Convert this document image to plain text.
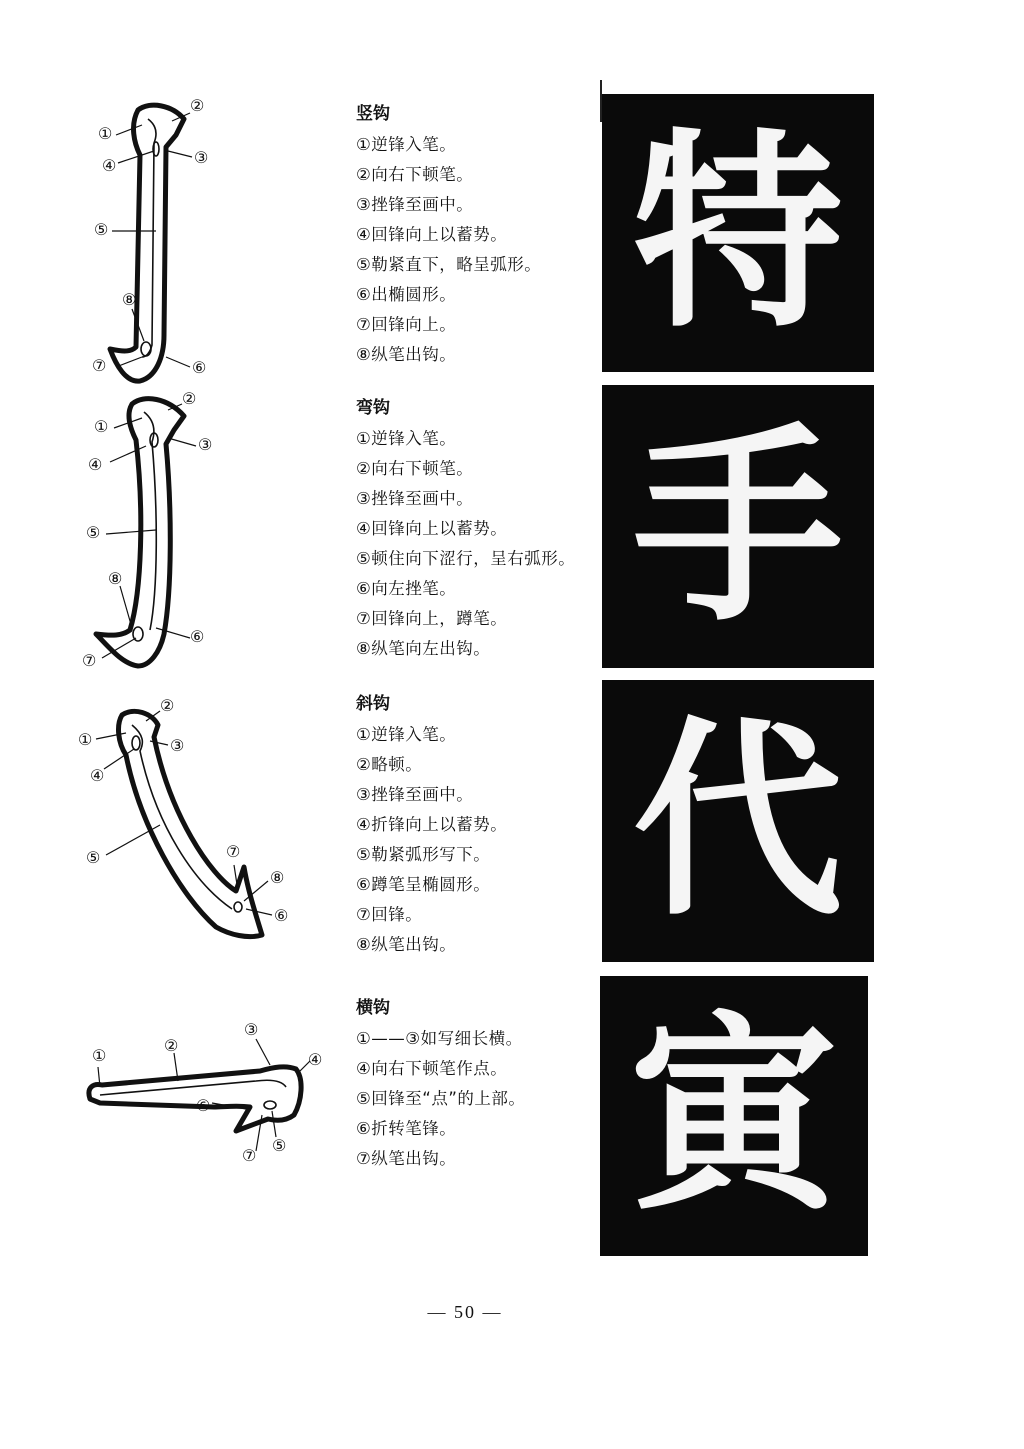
①
②
③
④
⑤
⑥
⑦
⑧
竖钩
①逆锋入笔。
②向右下顿笔。
③挫锋至画中。
④回锋向上以蓄势。
⑤勒紧直下，略呈弧形。
⑥出椭圆形。
⑦回锋向上。
⑧纵笔出钩。 特
①
②
③
④
⑤
⑥
⑦
⑧
弯钩
①逆锋入笔。
②向右下顿笔。
③挫锋至画中。
④回锋向上以蓄势。
⑤顿住向下涩行，呈右弧形。
⑥向左挫笔。
⑦回锋向上，蹲笔。
⑧纵笔向左出钩。 手
①
②
③
④
⑤
⑥
⑦
⑧
斜钩
①逆锋入笔。
②略顿。
③挫锋至画中。
④折锋向上以蓄势。
⑤勒紧弧形写下。
⑥蹲笔呈椭圆形。
⑦回锋。
⑧纵笔出钩。
代
①
②
③
④
⑤
⑥
⑦
横钩
①——③如写细长横。
④向右下顿笔作点。
⑤回锋至“点”的上部。
⑥折转笔锋。
⑦纵笔出钩。 寅
— 50 —
